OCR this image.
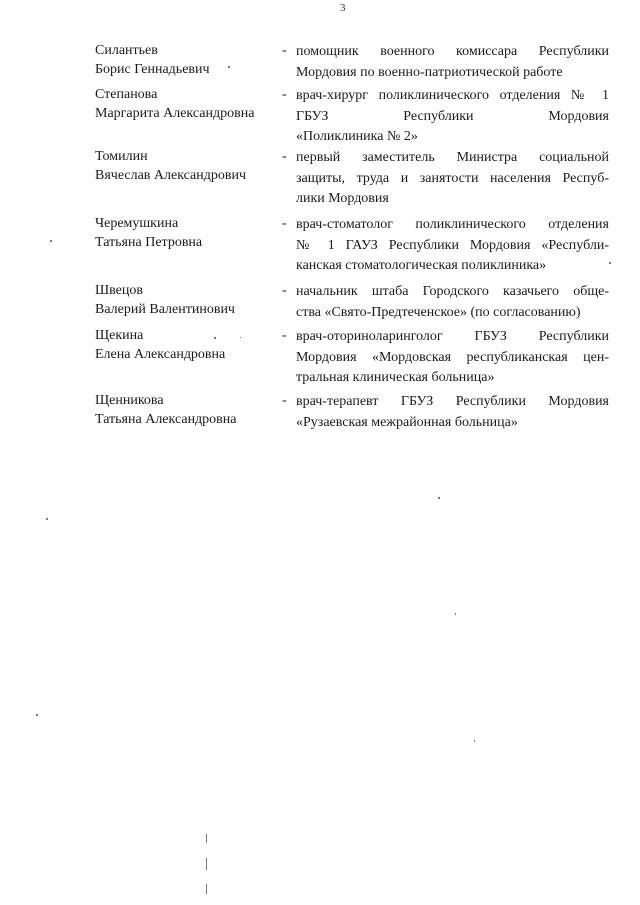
3
Силантьев
Борис Геннадьевич
- помощник военного комиссара Республики
Мордовия по военно-патриотической работе
Степанова
Маргарита Александровна
- врач-хирург поликлинического отделения № 1
ГБУЗ Республики Мордовия
«Поликлиника № 2»
Томилин
Вячеслав Александрович
- первый заместитель Министра социальной
защиты, труда и занятости населения Респуб-
лики Мордовия
Черемушкина
Татьяна Петровна
- врач-стоматолог поликлинического отделения
№ 1 ГАУЗ Республики Мордовия «Республи-
канская стоматологическая поликлиника»
Швецов
Валерий Валентинович
- начальник штаба Городского казачьего обще-
ства «Свято-Предтеченское» (по согласованию)
Щекина
Елена Александровна
- врач-оториноларинголог ГБУЗ Республики
Мордовия «Мордовская республиканская цен-
тральная клиническая больница»
Щенникова
Татьяна Александровна
- врач-терапевт ГБУЗ Республики Мордовия
«Рузаевская межрайонная больница»
